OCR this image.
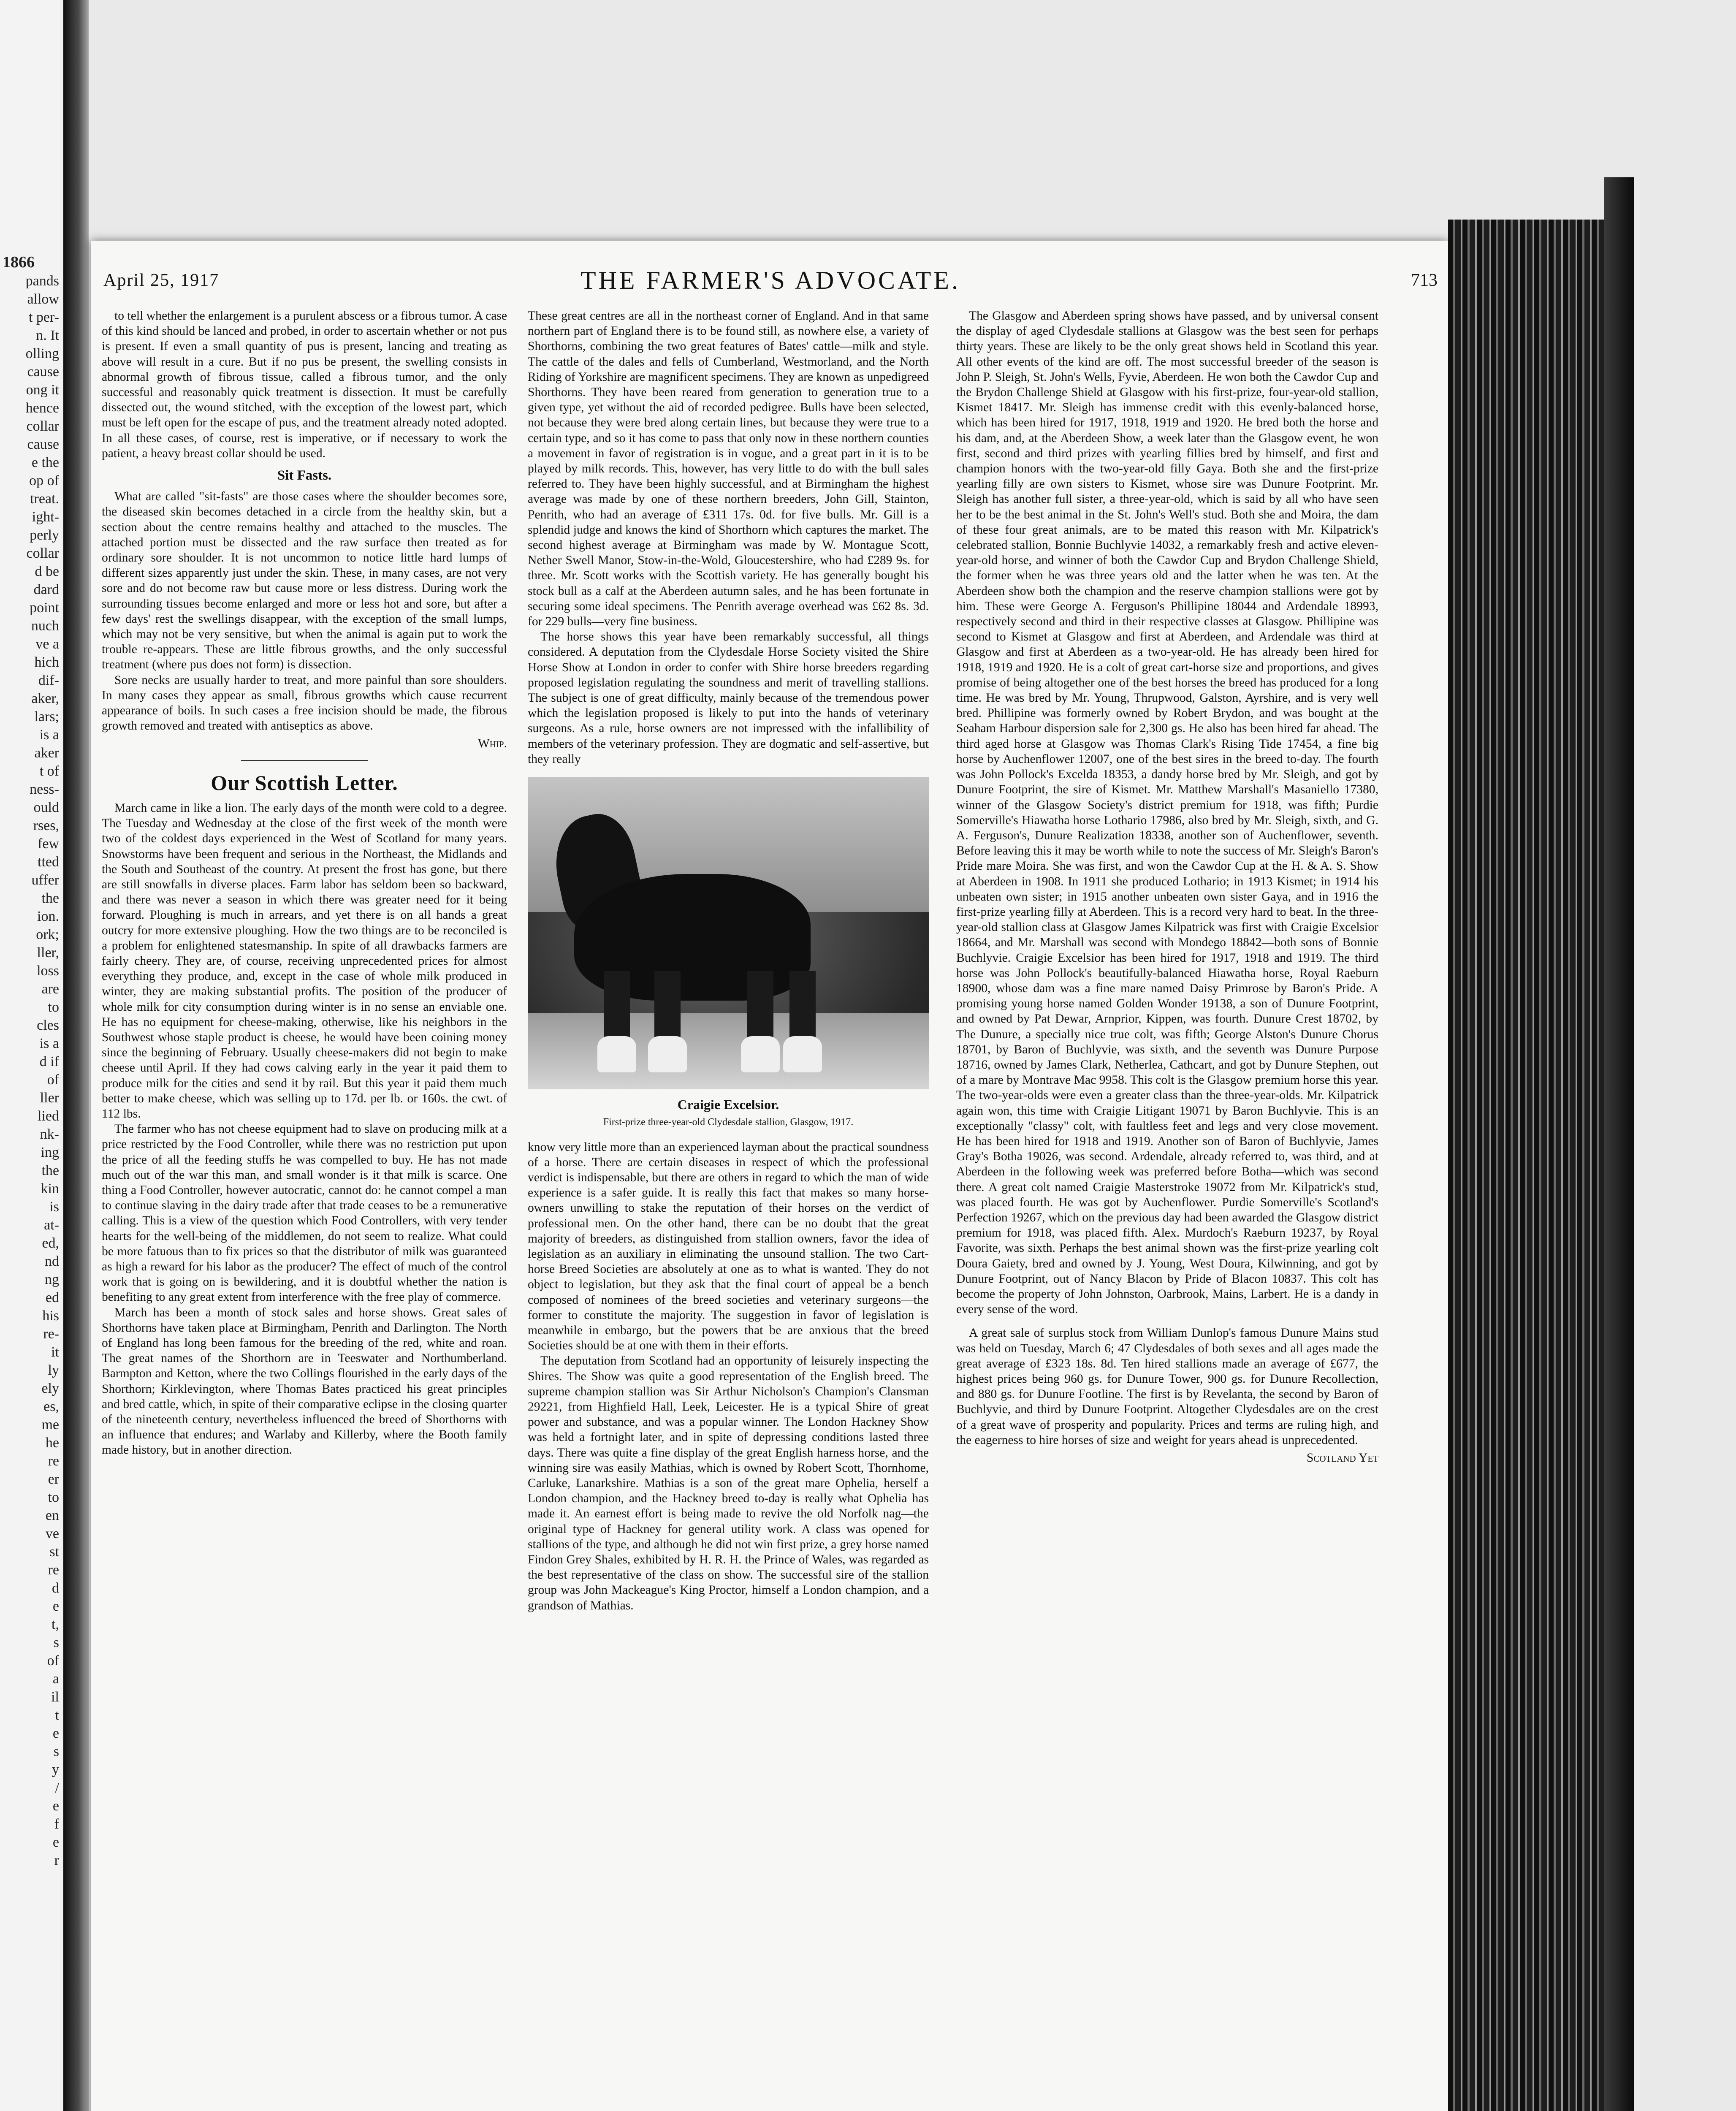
1866
pands
allow
t per-
n. It
olling
cause
ong it
hence
collar
cause
e the
op of
treat.
ight-
perly
collar
d be
dard
point
nuch
ve a
hich
dif-
aker,
lars;
is a
aker
t of
ness-
ould
rses,
few
tted
uffer
the
ion.
ork;
ller,
loss
are
to
cles
is a
d if
of
ller
lied
nk-
ing
the
kin
is
at-
ed,
nd
ng
ed
his
re-
it
ly
ely
es,
me
he
re
er
to
en
ve
st
re
d
e
t,
s
of
a
il
t
e
s
y
/
e
f
e
r
April 25, 1917	THE FARMER'S ADVOCATE.	713

to tell whether the enlargement is a purulent abscess or a fibrous tumor. A case of this kind should be lanced and probed, in order to ascertain whether or not pus is present. If even a small quantity of pus is present, lancing and treating as above will result in a cure. But if no pus be present, the swelling consists in abnormal growth of fibrous tissue, called a fibrous tumor, and the only successful and reasonably quick treatment is dissection. It must be carefully dissected out, the wound stitched, with the exception of the lowest part, which must be left open for the escape of pus, and the treatment already noted adopted. In all these cases, of course, rest is imperative, or if necessary to work the patient, a heavy breast collar should be used.

Sit Fasts.

What are called "sit-fasts" are those cases where the shoulder becomes sore, the diseased skin becomes detached in a circle from the healthy skin, but a section about the centre remains healthy and attached to the muscles. The attached portion must be dissected and the raw surface then treated as for ordinary sore shoulder. It is not uncommon to notice little hard lumps of different sizes apparently just under the skin. These, in many cases, are not very sore and do not become raw but cause more or less distress. During work the surrounding tissues become enlarged and more or less hot and sore, but after a few days' rest the swellings disappear, with the exception of the small lumps, which may not be very sensitive, but when the animal is again put to work the trouble re-appears. These are little fibrous growths, and the only successful treatment (where pus does not form) is dissection.

Sore necks are usually harder to treat, and more painful than sore shoulders. In many cases they appear as small, fibrous growths which cause recurrent appearance of boils. In such cases a free incision should be made, the fibrous growth removed and treated with antiseptics as above.

Whip.
Our Scottish Letter.

March came in like a lion. The early days of the month were cold to a degree. The Tuesday and Wednesday at the close of the first week of the month were two of the coldest days experienced in the West of Scotland for many years. Snowstorms have been frequent and serious in the Northeast, the Midlands and the South and Southeast of the country. At present the frost has gone, but there are still snowfalls in diverse places. Farm labor has seldom been so backward, and there was never a season in which there was greater need for it being forward. Ploughing is much in arrears, and yet there is on all hands a great outcry for more extensive ploughing. How the two things are to be reconciled is a problem for enlightened statesmanship. In spite of all drawbacks farmers are fairly cheery. They are, of course, receiving unprecedented prices for almost everything they produce, and, except in the case of whole milk produced in winter, they are making substantial profits. The position of the producer of whole milk for city consumption during winter is in no sense an enviable one. He has no equipment for cheese-making, otherwise, like his neighbors in the Southwest whose staple product is cheese, he would have been coining money since the beginning of February. Usually cheese-makers did not begin to make cheese until April. If they had cows calving early in the year it paid them to produce milk for the cities and send it by rail. But this year it paid them much better to make cheese, which was selling up to 17d. per lb. or 160s. the cwt. of 112 lbs.

The farmer who has not cheese equipment had to slave on producing milk at a price restricted by the Food Controller, while there was no restriction put upon the price of all the feeding stuffs he was compelled to buy. He has not made much out of the war this man, and small wonder is it that milk is scarce. One thing a Food Controller, however autocratic, cannot do: he cannot compel a man to continue slaving in the dairy trade after that trade ceases to be a remunerative calling. This is a view of the question which Food Controllers, with very tender hearts for the well-being of the middlemen, do not seem to realize. What could be more fatuous than to fix prices so that the distributor of milk was guaranteed as high a reward for his labor as the producer? The effect of much of the control work that is going on is bewildering, and it is doubtful whether the nation is benefiting to any great extent from interference with the free play of commerce.

March has been a month of stock sales and horse shows. Great sales of Shorthorns have taken place at Birmingham, Penrith and Darlington. The North of England has long been famous for the breeding of the red, white and roan. The great names of the Shorthorn are in Teeswater and Northumberland. Barmpton and Ketton, where the two Collings flourished in the early days of the Shorthorn; Kirklevington, where Thomas Bates practiced his great principles and bred cattle, which, in spite of their comparative eclipse in the closing quarter of the nineteenth century, nevertheless influenced the breed of Shorthorns with an influence that endures; and Warlaby and Killerby, where the Booth family made history, but in another direction.

These great centres are all in the northeast corner of England. And in that same northern part of England there is to be found still, as nowhere else, a variety of Shorthorns, combining the two great features of Bates' cattle—milk and style. The cattle of the dales and fells of Cumberland, Westmorland, and the North Riding of Yorkshire are magnificent specimens. They are known as unpedigreed Shorthorns. They have been reared from generation to generation true to a given type, yet without the aid of recorded pedigree. Bulls have been selected, not because they were bred along certain lines, but because they were true to a certain type, and so it has come to pass that only now in these northern counties a movement in favor of registration is in vogue, and a great part in it is to be played by milk records. This, however, has very little to do with the bull sales referred to. They have been highly successful, and at Birmingham the highest average was made by one of these northern breeders, John Gill, Stainton, Penrith, who had an average of £311 17s. 0d. for five bulls. Mr. Gill is a splendid judge and knows the kind of Shorthorn which captures the market. The second highest average at Birmingham was made by W. Montague Scott, Nether Swell Manor, Stow-in-the-Wold, Gloucestershire, who had £289 9s. for three. Mr. Scott works with the Scottish variety. He has generally bought his stock bull as a calf at the Aberdeen autumn sales, and he has been fortunate in securing some ideal specimens. The Penrith average overhead was £62 8s. 3d. for 229 bulls—very fine business.

The horse shows this year have been remarkably successful, all things considered. A deputation from the Clydesdale Horse Society visited the Shire Horse Show at London in order to confer with Shire horse breeders regarding proposed legislation regulating the soundness and merit of travelling stallions. The subject is one of great difficulty, mainly because of the tremendous power which the legislation proposed is likely to put into the hands of veterinary surgeons. As a rule, horse owners are not impressed with the infallibility of members of the veterinary profession. They are dogmatic and self-assertive, but they really

Craigie Excelsior.
First-prize three-year-old Clydesdale stallion, Glasgow, 1917.

know very little more than an experienced layman about the practical soundness of a horse. There are certain diseases in respect of which the professional verdict is indispensable, but there are others in regard to which the man of wide experience is a safer guide. It is really this fact that makes so many horse-owners unwilling to stake the reputation of their horses on the verdict of professional men. On the other hand, there can be no doubt that the great majority of breeders, as distinguished from stallion owners, favor the idea of legislation as an auxiliary in eliminating the unsound stallion. The two Cart-horse Breed Societies are absolutely at one as to what is wanted. They do not object to legislation, but they ask that the final court of appeal be a bench composed of nominees of the breed societies and veterinary surgeons—the former to constitute the majority. The suggestion in favor of legislation is meanwhile in embargo, but the powers that be are anxious that the breed Societies should be at one with them in their efforts.

The deputation from Scotland had an opportunity of leisurely inspecting the Shires. The Show was quite a good representation of the English breed. The supreme champion stallion was Sir Arthur Nicholson's Champion's Clansman 29221, from Highfield Hall, Leek, Leicester. He is a typical Shire of great power and substance, and was a popular winner. The London Hackney Show was held a fortnight later, and in spite of depressing conditions lasted three days. There was quite a fine display of the great English harness horse, and the winning sire was easily Mathias, which is owned by Robert Scott, Thornhome, Carluke, Lanarkshire. Mathias is a son of the great mare Ophelia, herself a London champion, and the Hackney breed to-day is really what Ophelia has made it. An earnest effort is being made to revive the old Norfolk nag—the original type of Hackney for general utility work. A class was opened for stallions of the type, and although he did not win first prize, a grey horse named Findon Grey Shales, exhibited by H. R. H. the Prince of Wales, was regarded as the best representative of the class on show. The successful sire of the stallion group was John Mackeague's King Proctor, himself a London champion, and a grandson of Mathias.

The Glasgow and Aberdeen spring shows have passed, and by universal consent the display of aged Clydesdale stallions at Glasgow was the best seen for perhaps thirty years. These are likely to be the only great shows held in Scotland this year. All other events of the kind are off. The most successful breeder of the season is John P. Sleigh, St. John's Wells, Fyvie, Aberdeen. He won both the Cawdor Cup and the Brydon Challenge Shield at Glasgow with his first-prize, four-year-old stallion, Kismet 18417. Mr. Sleigh has immense credit with this evenly-balanced horse, which has been hired for 1917, 1918, 1919 and 1920. He bred both the horse and his dam, and, at the Aberdeen Show, a week later than the Glasgow event, he won first, second and third prizes with yearling fillies bred by himself, and first and champion honors with the two-year-old filly Gaya. Both she and the first-prize yearling filly are own sisters to Kismet, whose sire was Dunure Footprint. Mr. Sleigh has another full sister, a three-year-old, which is said by all who have seen her to be the best animal in the St. John's Well's stud. Both she and Moira, the dam of these four great animals, are to be mated this reason with Mr. Kilpatrick's celebrated stallion, Bonnie Buchlyvie 14032, a remarkably fresh and active eleven-year-old horse, and winner of both the Cawdor Cup and Brydon Challenge Shield, the former when he was three years old and the latter when he was ten. At the Aberdeen show both the champion and the reserve champion stallions were got by him. These were George A. Ferguson's Phillipine 18044 and Ardendale 18993, respectively second and third in their respective classes at Glasgow. Phillipine was second to Kismet at Glasgow and first at Aberdeen, and Ardendale was third at Glasgow and first at Aberdeen as a two-year-old. He has already been hired for 1918, 1919 and 1920. He is a colt of great cart-horse size and proportions, and gives promise of being altogether one of the best horses the breed has produced for a long time. He was bred by Mr. Young, Thrupwood, Galston, Ayrshire, and is very well bred. Phillipine was formerly owned by Robert Brydon, and was bought at the Seaham Harbour dispersion sale for 2,300 gs. He also has been hired far ahead. The third aged horse at Glasgow was Thomas Clark's Rising Tide 17454, a fine big horse by Auchenflower 12007, one of the best sires in the breed to-day. The fourth was John Pollock's Excelda 18353, a dandy horse bred by Mr. Sleigh, and got by Dunure Footprint, the sire of Kismet. Mr. Matthew Marshall's Masaniello 17380, winner of the Glasgow Society's district premium for 1918, was fifth; Purdie Somerville's Hiawatha horse Lothario 17986, also bred by Mr. Sleigh, sixth, and G. A. Ferguson's, Dunure Realization 18338, another son of Auchenflower, seventh. Before leaving this it may be worth while to note the success of Mr. Sleigh's Baron's Pride mare Moira. She was first, and won the Cawdor Cup at the H. & A. S. Show at Aberdeen in 1908. In 1911 she produced Lothario; in 1913 Kismet; in 1914 his unbeaten own sister; in 1915 another unbeaten own sister Gaya, and in 1916 the first-prize yearling filly at Aberdeen. This is a record very hard to beat. In the three-year-old stallion class at Glasgow James Kilpatrick was first with Craigie Excelsior 18664, and Mr. Marshall was second with Mondego 18842—both sons of Bonnie Buchlyvie. Craigie Excelsior has been hired for 1917, 1918 and 1919. The third horse was John Pollock's beautifully-balanced Hiawatha horse, Royal Raeburn 18900, whose dam was a fine mare named Daisy Primrose by Baron's Pride. A promising young horse named Golden Wonder 19138, a son of Dunure Footprint, and owned by Pat Dewar, Arnprior, Kippen, was fourth. Dunure Crest 18702, by The Dunure, a specially nice true colt, was fifth; George Alston's Dunure Chorus 18701, by Baron of Buchlyvie, was sixth, and the seventh was Dunure Purpose 18716, owned by James Clark, Netherlea, Cathcart, and got by Dunure Stephen, out of a mare by Montrave Mac 9958. This colt is the Glasgow premium horse this year. The two-year-olds were even a greater class than the three-year-olds. Mr. Kilpatrick again won, this time with Craigie Litigant 19071 by Baron Buchlyvie. This is an exceptionally "classy" colt, with faultless feet and legs and very close movement. He has been hired for 1918 and 1919. Another son of Baron of Buchlyvie, James Gray's Botha 19026, was second. Ardendale, already referred to, was third, and at Aberdeen in the following week was preferred before Botha—which was second there. A great colt named Craigie Masterstroke 19072 from Mr. Kilpatrick's stud, was placed fourth. He was got by Auchenflower. Purdie Somerville's Scotland's Perfection 19267, which on the previous day had been awarded the Glasgow district premium for 1918, was placed fifth. Alex. Murdoch's Raeburn 19237, by Royal Favorite, was sixth. Perhaps the best animal shown was the first-prize yearling colt Doura Gaiety, bred and owned by J. Young, West Doura, Kilwinning, and got by Dunure Footprint, out of Nancy Blacon by Pride of Blacon 10837. This colt has become the property of John Johnston, Oarbrook, Mains, Larbert. He is a dandy in every sense of the word.

A great sale of surplus stock from William Dunlop's famous Dunure Mains stud was held on Tuesday, March 6; 47 Clydesdales of both sexes and all ages made the great average of £323 18s. 8d. Ten hired stallions made an average of £677, the highest prices being 960 gs. for Dunure Tower, 900 gs. for Dunure Recollection, and 880 gs. for Dunure Footline. The first is by Revelanta, the second by Baron of Buchlyvie, and third by Dunure Footprint. Altogether Clydesdales are on the crest of a great wave of prosperity and popularity. Prices and terms are ruling high, and the eagerness to hire horses of size and weight for years ahead is unprecedented.

Scotland Yet
